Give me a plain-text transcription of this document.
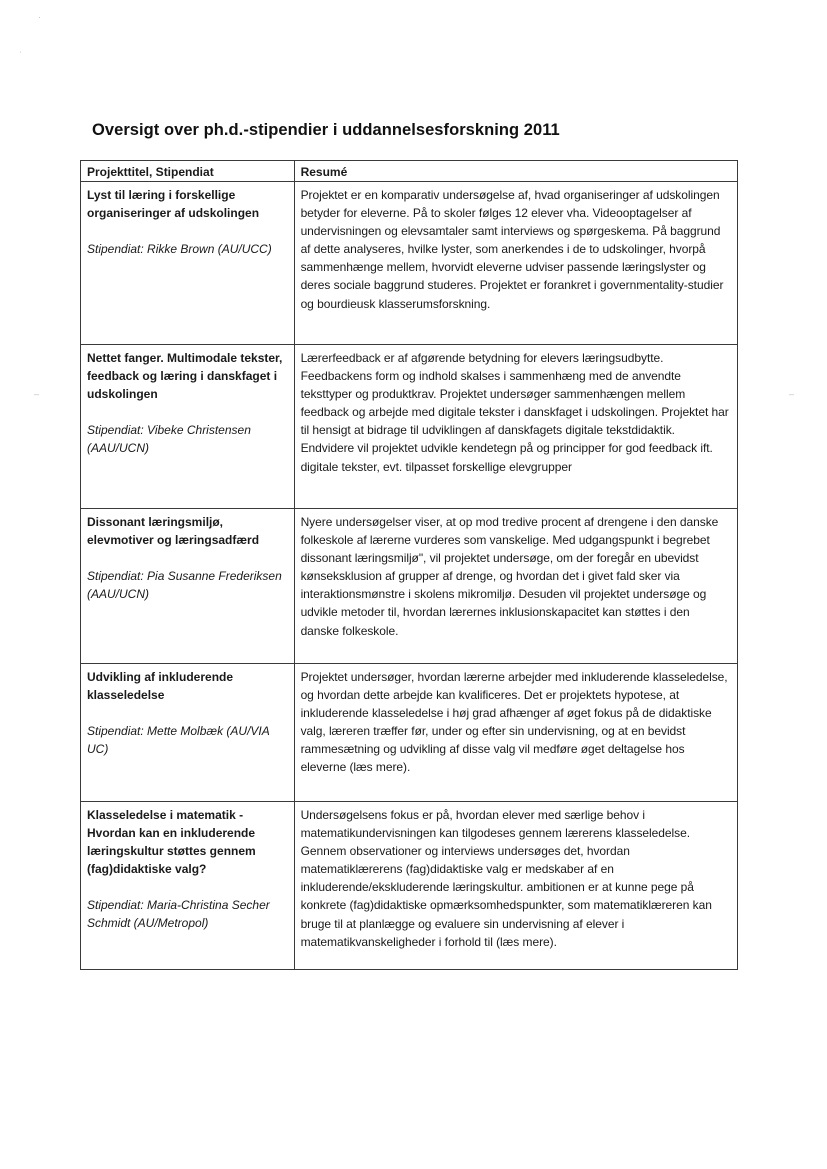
·
ˌ
–	–
Oversigt over ph.d.-stipendier i uddannelsesforskning 2011
Projekttitel, Stipendiat	Resumé

Lyst til læring i forskellige organiseringer af udskolingen
Stipendiat: Rikke Brown (AU/UCC)	Projektet er en komparativ undersøgelse af, hvad organiseringer af udskolingen betyder for eleverne. På to skoler følges 12 elever vha. Videooptagelser af undervisningen og elevsamtaler samt interviews og spørgeskema. På baggrund af dette analyseres, hvilke lyster, som anerkendes i de to udskolinger, hvorpå sammenhænge mellem, hvorvidt eleverne udviser passende læringslyster og deres sociale baggrund studeres. Projektet er forankret i governmentality-studier og bourdieusk klasserumsforskning.

Nettet fanger. Multimodale tekster, feedback og læring i danskfaget i udskolingen
Stipendiat: Vibeke Christensen (AAU/UCN)	Lærerfeedback er af afgørende betydning for elevers læringsudbytte. Feedbackens form og indhold skalses i sammenhæng med de anvendte teksttyper og produktkrav. Projektet undersøger sammenhængen mellem feedback og arbejde med digitale tekster i danskfaget i udskolingen. Projektet har til hensigt at bidrage til udviklingen af danskfagets digitale tekstdidaktik. Endvidere vil projektet udvikle kendetegn på og principper for god feedback ift. digitale tekster, evt. tilpasset forskellige elevgrupper

Dissonant læringsmiljø, elevmotiver og læringsadfærd
Stipendiat: Pia Susanne Frederiksen (AAU/UCN)	Nyere undersøgelser viser, at op mod tredive procent af drengene i den danske folkeskole af lærerne vurderes som vanskelige. Med udgangspunkt i begrebet dissonant læringsmiljø", vil projektet undersøge, om der foregår en ubevidst kønseksklusion af grupper af drenge, og hvordan det i givet fald sker via interaktionsmønstre i skolens mikromiljø. Desuden vil projektet undersøge og udvikle metoder til, hvordan lærernes inklusionskapacitet kan støttes i den danske folkeskole.

Udvikling af inkluderende klasseledelse
Stipendiat: Mette Molbæk (AU/VIA UC)	Projektet undersøger, hvordan lærerne arbejder med inkluderende klasseledelse, og hvordan dette arbejde kan kvalificeres. Det er projektets hypotese, at inkluderende klasseledelse i høj grad afhænger af øget fokus på de didaktiske valg, læreren træffer før, under og efter sin undervisning, og at en bevidst rammesætning og udvikling af disse valg vil medføre øget deltagelse hos eleverne (læs mere).

Klasseledelse i matematik - Hvordan kan en inkluderende læringskultur støttes gennem (fag)didaktiske valg?
Stipendiat: Maria-Christina Secher Schmidt (AU/Metropol)	Undersøgelsens fokus er på, hvordan elever med særlige behov i matematikundervisningen kan tilgodeses gennem lærerens klasseledelse. Gennem observationer og interviews undersøges det, hvordan matematiklærerens (fag)didaktiske valg er medskaber af en inkluderende/ekskluderende læringskultur. ambitionen er at kunne pege på konkrete (fag)didaktiske opmærksomhedspunkter, som matematiklæreren kan bruge til at planlægge og evaluere sin undervisning af elever i matematikvanskeligheder i forhold til (læs mere).
